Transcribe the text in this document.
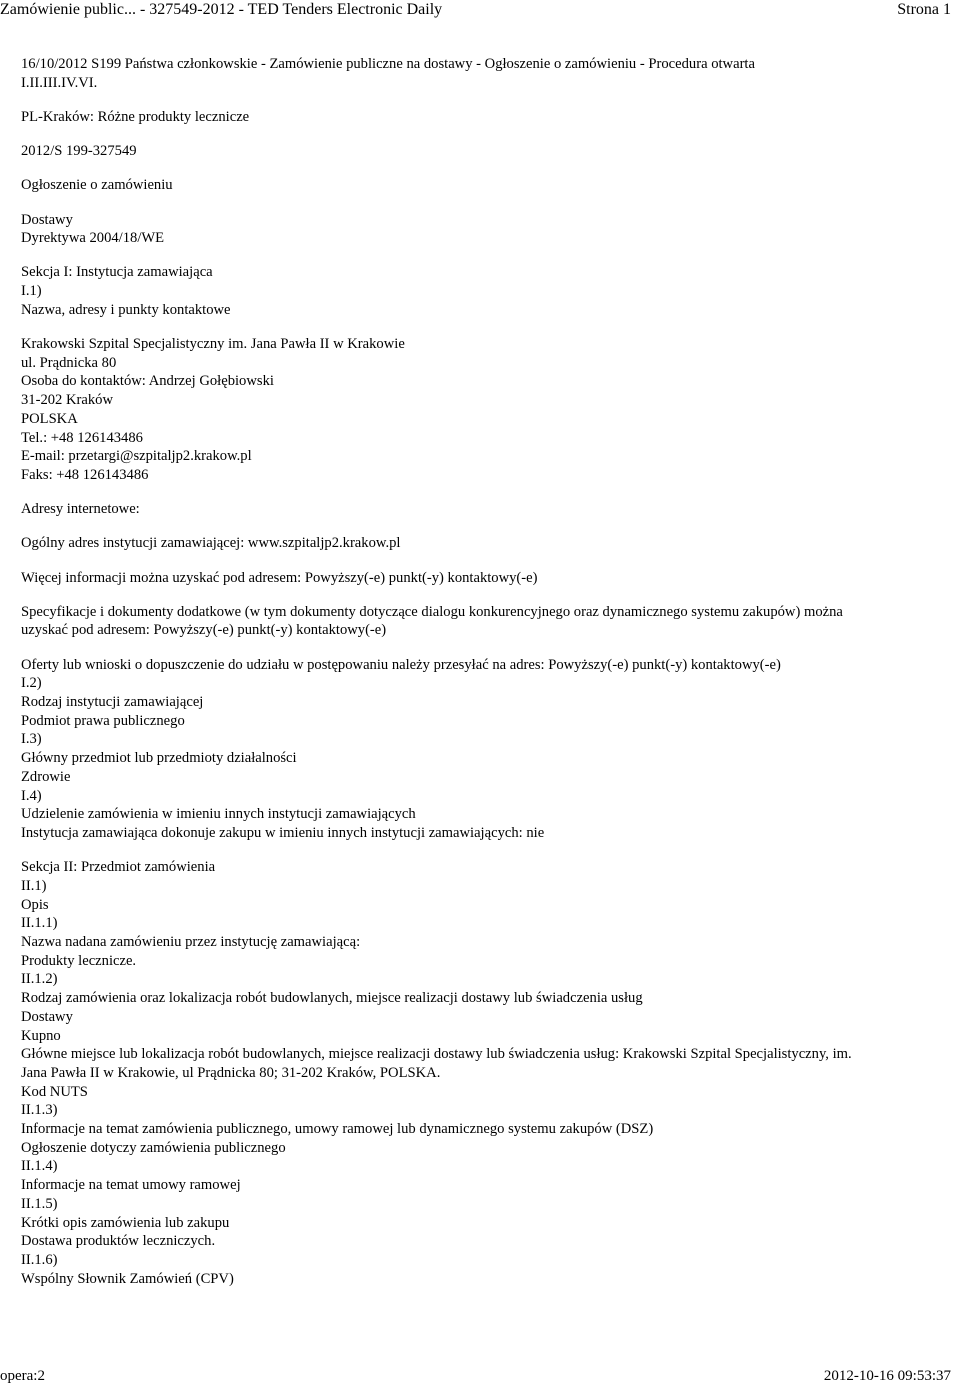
Zamówienie public... - 327549-2012 - TED Tenders Electronic Daily	Strona 1

16/10/2012 S199 Państwa członkowskie - Zamówienie publiczne na dostawy - Ogłoszenie o zamówieniu - Procedura otwarta

I.II.III.IV.VI.

PL-Kraków: Różne produkty lecznicze

2012/S 199-327549

Ogłoszenie o zamówieniu

Dostawy

Dyrektywa 2004/18/WE

Sekcja I: Instytucja zamawiająca

I.1)

Nazwa, adresy i punkty kontaktowe

Krakowski Szpital Specjalistyczny im. Jana Pawła II w Krakowie

ul. Prądnicka 80

Osoba do kontaktów: Andrzej Gołębiowski

31-202 Kraków

POLSKA

Tel.: +48 126143486

E-mail: przetargi@szpitaljp2.krakow.pl

Faks: +48 126143486

Adresy internetowe:

Ogólny adres instytucji zamawiającej: www.szpitaljp2.krakow.pl

Więcej informacji można uzyskać pod adresem: Powyższy(-e) punkt(-y) kontaktowy(-e)

Specyfikacje i dokumenty dodatkowe (w tym dokumenty dotyczące dialogu konkurencyjnego oraz dynamicznego systemu zakupów) można

uzyskać pod adresem: Powyższy(-e) punkt(-y) kontaktowy(-e)

Oferty lub wnioski o dopuszczenie do udziału w postępowaniu należy przesyłać na adres: Powyższy(-e) punkt(-y) kontaktowy(-e)

I.2)

Rodzaj instytucji zamawiającej

Podmiot prawa publicznego

I.3)

Główny przedmiot lub przedmioty działalności

Zdrowie

I.4)

Udzielenie zamówienia w imieniu innych instytucji zamawiających

Instytucja zamawiająca dokonuje zakupu w imieniu innych instytucji zamawiających: nie

Sekcja II: Przedmiot zamówienia

II.1)

Opis

II.1.1)

Nazwa nadana zamówieniu przez instytucję zamawiającą:

Produkty lecznicze.

II.1.2)

Rodzaj zamówienia oraz lokalizacja robót budowlanych, miejsce realizacji dostawy lub świadczenia usług

Dostawy

Kupno

Główne miejsce lub lokalizacja robót budowlanych, miejsce realizacji dostawy lub świadczenia usług: Krakowski Szpital Specjalistyczny, im.

Jana Pawła II w Krakowie, ul Prądnicka 80; 31-202 Kraków, POLSKA.

Kod NUTS

II.1.3)

Informacje na temat zamówienia publicznego, umowy ramowej lub dynamicznego systemu zakupów (DSZ)

Ogłoszenie dotyczy zamówienia publicznego

II.1.4)

Informacje na temat umowy ramowej

II.1.5)

Krótki opis zamówienia lub zakupu

Dostawa produktów leczniczych.

II.1.6)

Wspólny Słownik Zamówień (CPV)

opera:2	2012-10-16 09:53:37
